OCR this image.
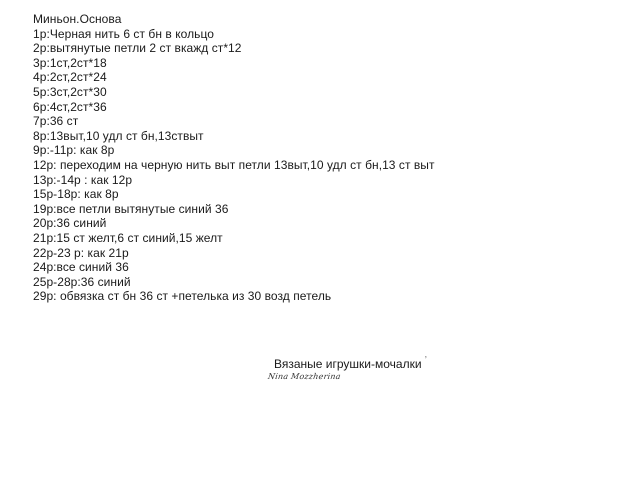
Миньон.Основа
1р:Черная нить 6 ст бн в кольцо
2р:вытянутые петли 2 ст вкажд ст*12
3р:1ст,2ст*18
4р:2ст,2ст*24
5р:3ст,2ст*30
6р:4ст,2ст*36
7р:36 ст
8р:13выт,10 удл ст бн,13ствыт
9р:-11р: как 8р
12р: переходим на черную нить выт петли 13выт,10 удл ст бн,13 ст выт
13р:-14р : как 12р
15р-18р: как 8р
19р:все петли вытянутые синий 36
20р:36 синий
21р:15 ст желт,6 ст синий,15 желт
22р-23 р: как 21р
24р:все синий 36
25р-28р:36 синий
29р: обвязка ст бн 36 ст +петелька из 30 возд петель
Вязаные игрушки-мочалки $^ʼ$
Nina Mozzherina
